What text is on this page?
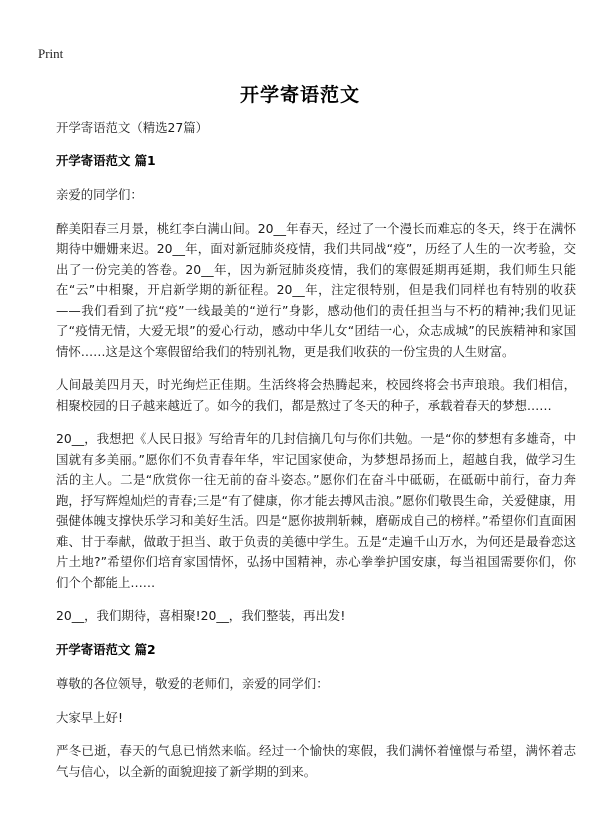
Print
开学寄语范文

开学寄语范文（精选27篇）

开学寄语范文 篇1

亲爱的同学们：

醉美阳春三月景，桃红李白满山间。20__年春天，经过了一个漫长而难忘的冬天，终于在满怀期待中姗姗来迟。20__年，面对新冠肺炎疫情，我们共同战“疫”，历经了人生的一次考验，交出了一份完美的答卷。20__年，因为新冠肺炎疫情，我们的寒假延期再延期，我们师生只能在“云”中相聚，开启新学期的新征程。20__年，注定很特别，但是我们同样也有特别的收获——我们看到了抗“疫”一线最美的“逆行”身影，感动他们的责任担当与不朽的精神;我们见证了“疫情无情，大爱无垠”的爱心行动，感动中华儿女“团结一心，众志成城”的民族精神和家国情怀……这是这个寒假留给我们的特别礼物，更是我们收获的一份宝贵的人生财富。

人间最美四月天，时光绚烂正佳期。生活终将会热腾起来，校园终将会书声琅琅。我们相信，相聚校园的日子越来越近了。如今的我们，都是熬过了冬天的种子，承载着春天的梦想……

20__，我想把《人民日报》写给青年的几封信摘几句与你们共勉。一是“你的梦想有多雄奇，中国就有多美丽。”愿你们不负青春年华，牢记国家使命，为梦想昂扬而上，超越自我，做学习生活的主人。二是“欣赏你一往无前的奋斗姿态。”愿你们在奋斗中砥砺，在砥砺中前行，奋力奔跑，抒写辉煌灿烂的青春;三是“有了健康，你才能去搏风击浪。”愿你们敬畏生命，关爱健康，用强健体魄支撑快乐学习和美好生活。四是“愿你披荆斩棘，磨砺成自己的榜样。”希望你们直面困难、甘于奉献，做敢于担当、敢于负责的美德中学生。五是“走遍千山万水，为何还是最眷恋这片土地?”希望你们培育家国情怀，弘扬中国精神，赤心拳拳护国安康，每当祖国需要你们，你们个个都能上……

20__，我们期待，喜相聚!20__，我们整装，再出发!

开学寄语范文 篇2

尊敬的各位领导，敬爱的老师们，亲爱的同学们：

大家早上好!

严冬已逝，春天的气息已悄然来临。经过一个愉快的寒假，我们满怀着憧憬与希望，满怀着志气与信心，以全新的面貌迎接了新学期的到来。
